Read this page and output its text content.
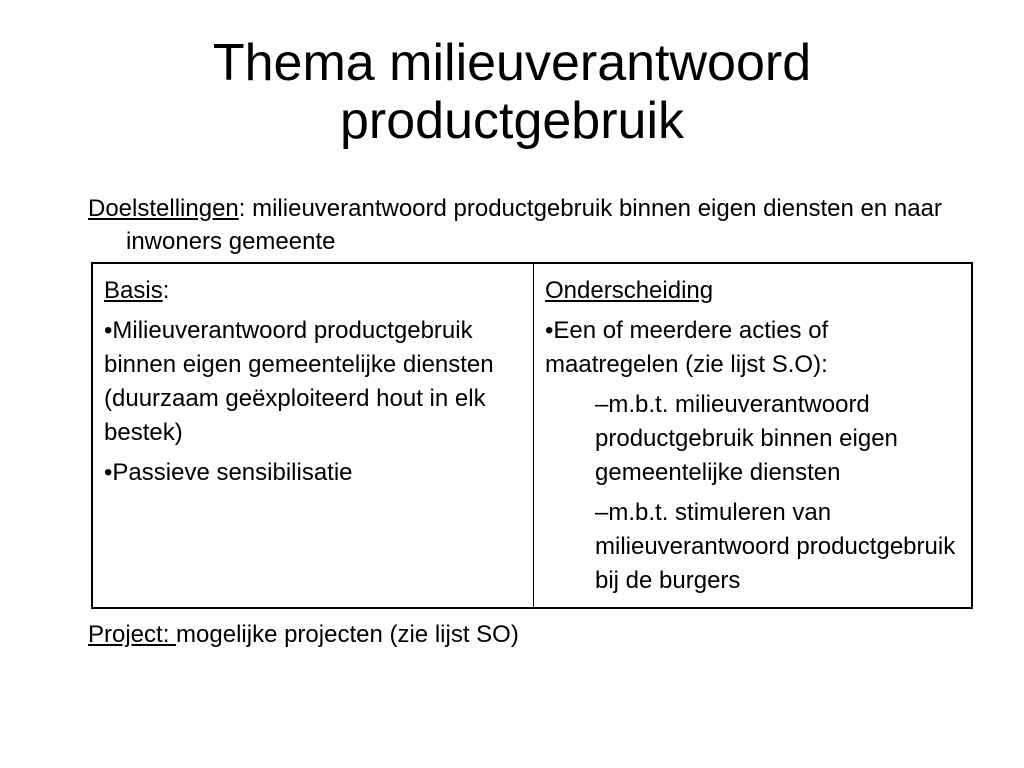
Thema milieuverantwoord
productgebruik
Doelstellingen: milieuverantwoord productgebruik binnen eigen diensten en naar inwoners gemeente

Basis:

•Milieuverantwoord productgebruik binnen eigen gemeentelijke diensten (duurzaam geëxploiteerd hout in elk bestek)

•Passieve sensibilisatie

Onderscheiding

•Een of meerdere acties of maatregelen (zie lijst S.O):

–m.b.t. milieuverantwoord productgebruik binnen eigen gemeentelijke diensten

–m.b.t. stimuleren van milieuverantwoord productgebruik bij de burgers

Project: mogelijke projecten (zie lijst SO)
